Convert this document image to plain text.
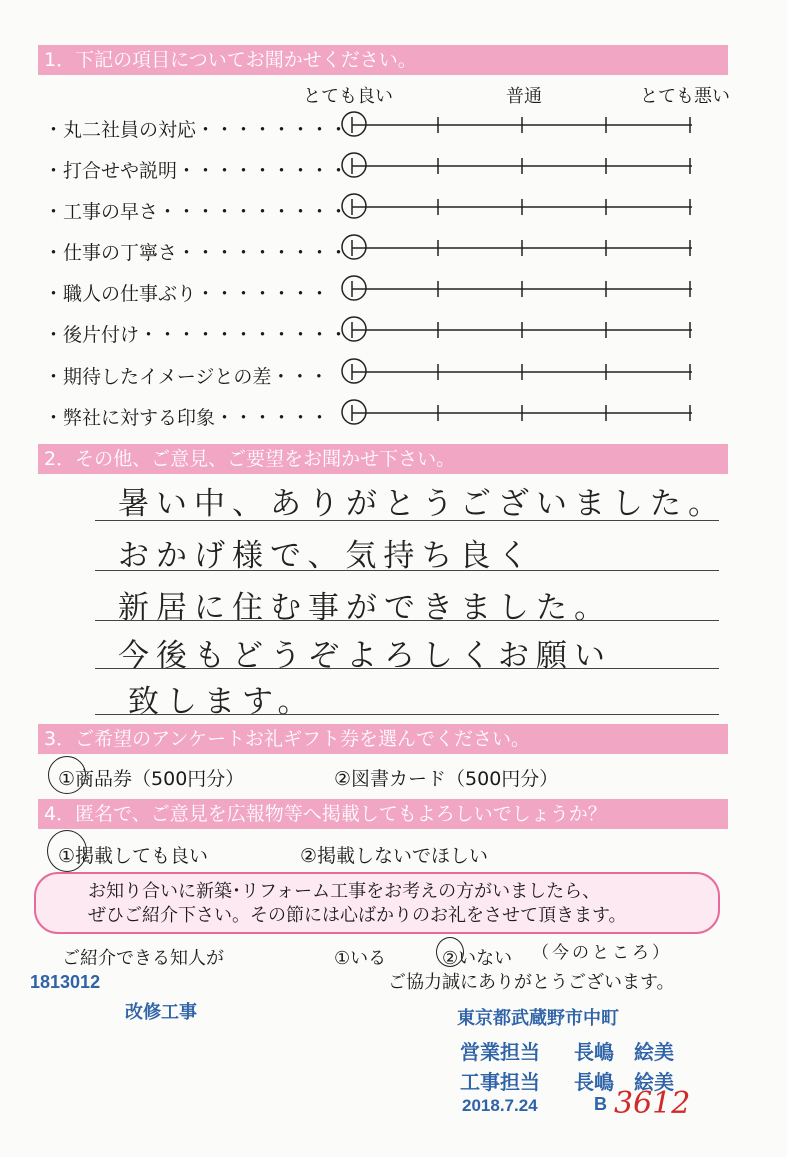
1．下記の項目についてお聞かせください。
とても良い	普通	とても悪い
・丸二社員の対応・・・・・・・・
・打合せや説明・・・・・・・・・
・工事の早さ・・・・・・・・・・
・仕事の丁寧さ・・・・・・・・・
・職人の仕事ぶり・・・・・・・
・後片付け・・・・・・・・・・・
・期待したイメージとの差・・・
・弊社に対する印象・・・・・・
2．その他、ご意見、ご要望をお聞かせ下さい。
暑い中、ありがとうございました。
おかげ様で、気持ち良く
新居に住む事ができました。
今後もどうぞよろしくお願い
致します。
3．ご希望のアンケートお礼ギフト券を選んでください。
①商品券（500円分）	②図書カード（500円分）
4．匿名で、ご意見を広報物等へ掲載してもよろしいでしょうか？
①掲載しても良い	②掲載しないでほしい
お知り合いに新築･リフォーム工事をお考えの方がいましたら、
ぜひご紹介下さい。その節には心ばかりのお礼をさせて頂きます。
ご紹介できる知人が	①いる	②いない （今のところ）
ご協力誠にありがとうございます。
1813012
改修工事	東京都武蔵野市中町
営業担当 長嶋　絵美
工事担当 長嶋　絵美
2018.7.24	B 3612
